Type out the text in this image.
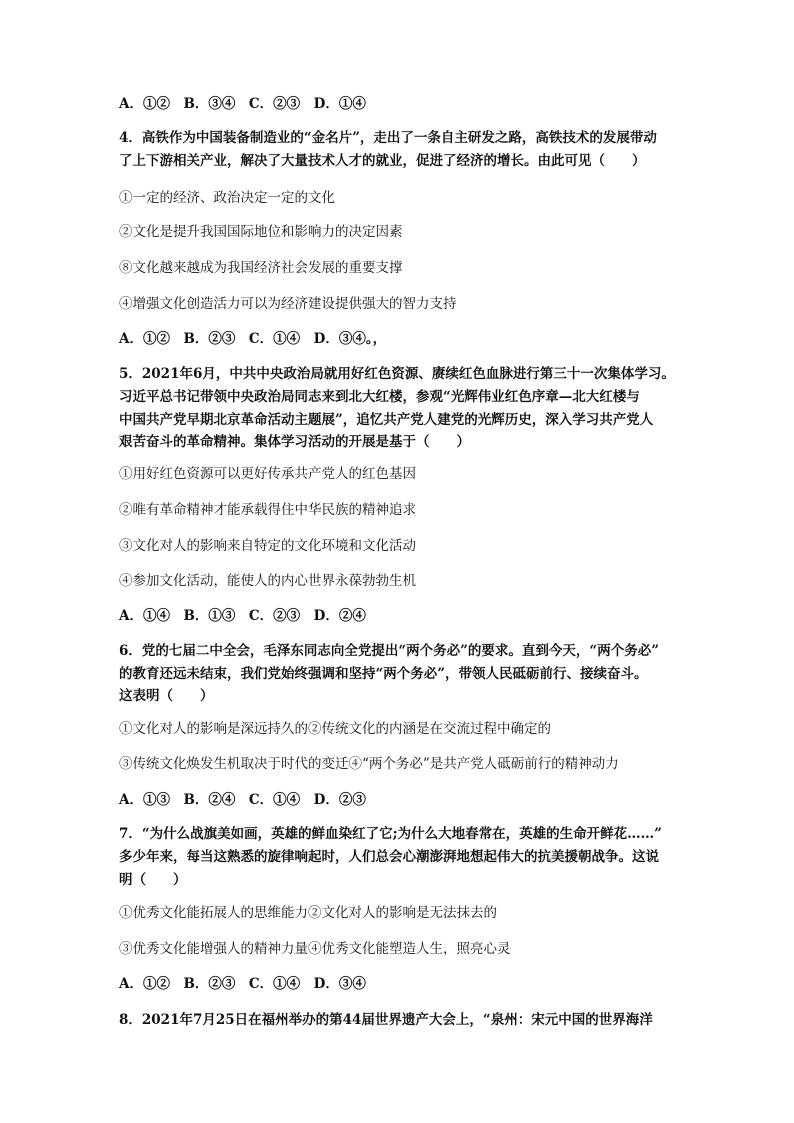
A．①②　B．③④　C．②③　D．①④
4．高铁作为中国装备制造业的“金名片”，走出了一条自主研发之路，高铁技术的发展带动
了上下游相关产业，解决了大量技术人才的就业，促进了经济的增长。由此可见（　　）
①一定的经济、政治决定一定的文化
②文化是提升我国国际地位和影响力的决定因素
⑧文化越来越成为我国经济社会发展的重要支撑
④增强文化创造活力可以为经济建设提供强大的智力支持
A．①②　B．②③　C．①④　D．③④。，
5．2021年6月，中共中央政治局就用好红色资源、赓续红色血脉进行第三十一次集体学习。
习近平总书记带领中央政治局同志来到北大红楼，参观“光辉伟业红色序章—北大红楼与
中国共产党早期北京革命活动主题展”，追忆共产党人建党的光辉历史，深入学习共产党人
艰苦奋斗的革命精神。集体学习活动的开展是基于（　　）
①用好红色资源可以更好传承共产党人的红色基因
②唯有革命精神才能承载得住中华民族的精神追求
③文化对人的影响来自特定的文化环境和文化活动
④参加文化活动，能使人的内心世界永葆勃勃生机
A．①④　B．①③　C．②③　D．②④
6．党的七届二中全会，毛泽东同志向全党提出“两个务必”的要求。直到今天，“两个务必”
的教育还远未结束，我们党始终强调和坚持“两个务必”，带领人民砥砺前行、接续奋斗。
这表明（　　）
①文化对人的影响是深远持久的②传统文化的内涵是在交流过程中确定的
③传统文化焕发生机取决于时代的变迁④“两个务必”是共产党人砥砺前行的精神动力
A．①③　B．②④　C．①④　D．②③
7．“为什么战旗美如画，英雄的鲜血染红了它;为什么大地春常在，英雄的生命开鲜花……”
多少年来，每当这熟悉的旋律响起时，人们总会心潮澎湃地想起伟大的抗美援朝战争。这说
明（　　）
①优秀文化能拓展人的思维能力②文化对人的影响是无法抹去的
③优秀文化能增强人的精神力量④优秀文化能塑造人生，照亮心灵
A．①②　B．②③　C．①④　D．③④
8．2021年7月25日在福州举办的第44届世界遗产大会上，“泉州：宋元中国的世界海洋
